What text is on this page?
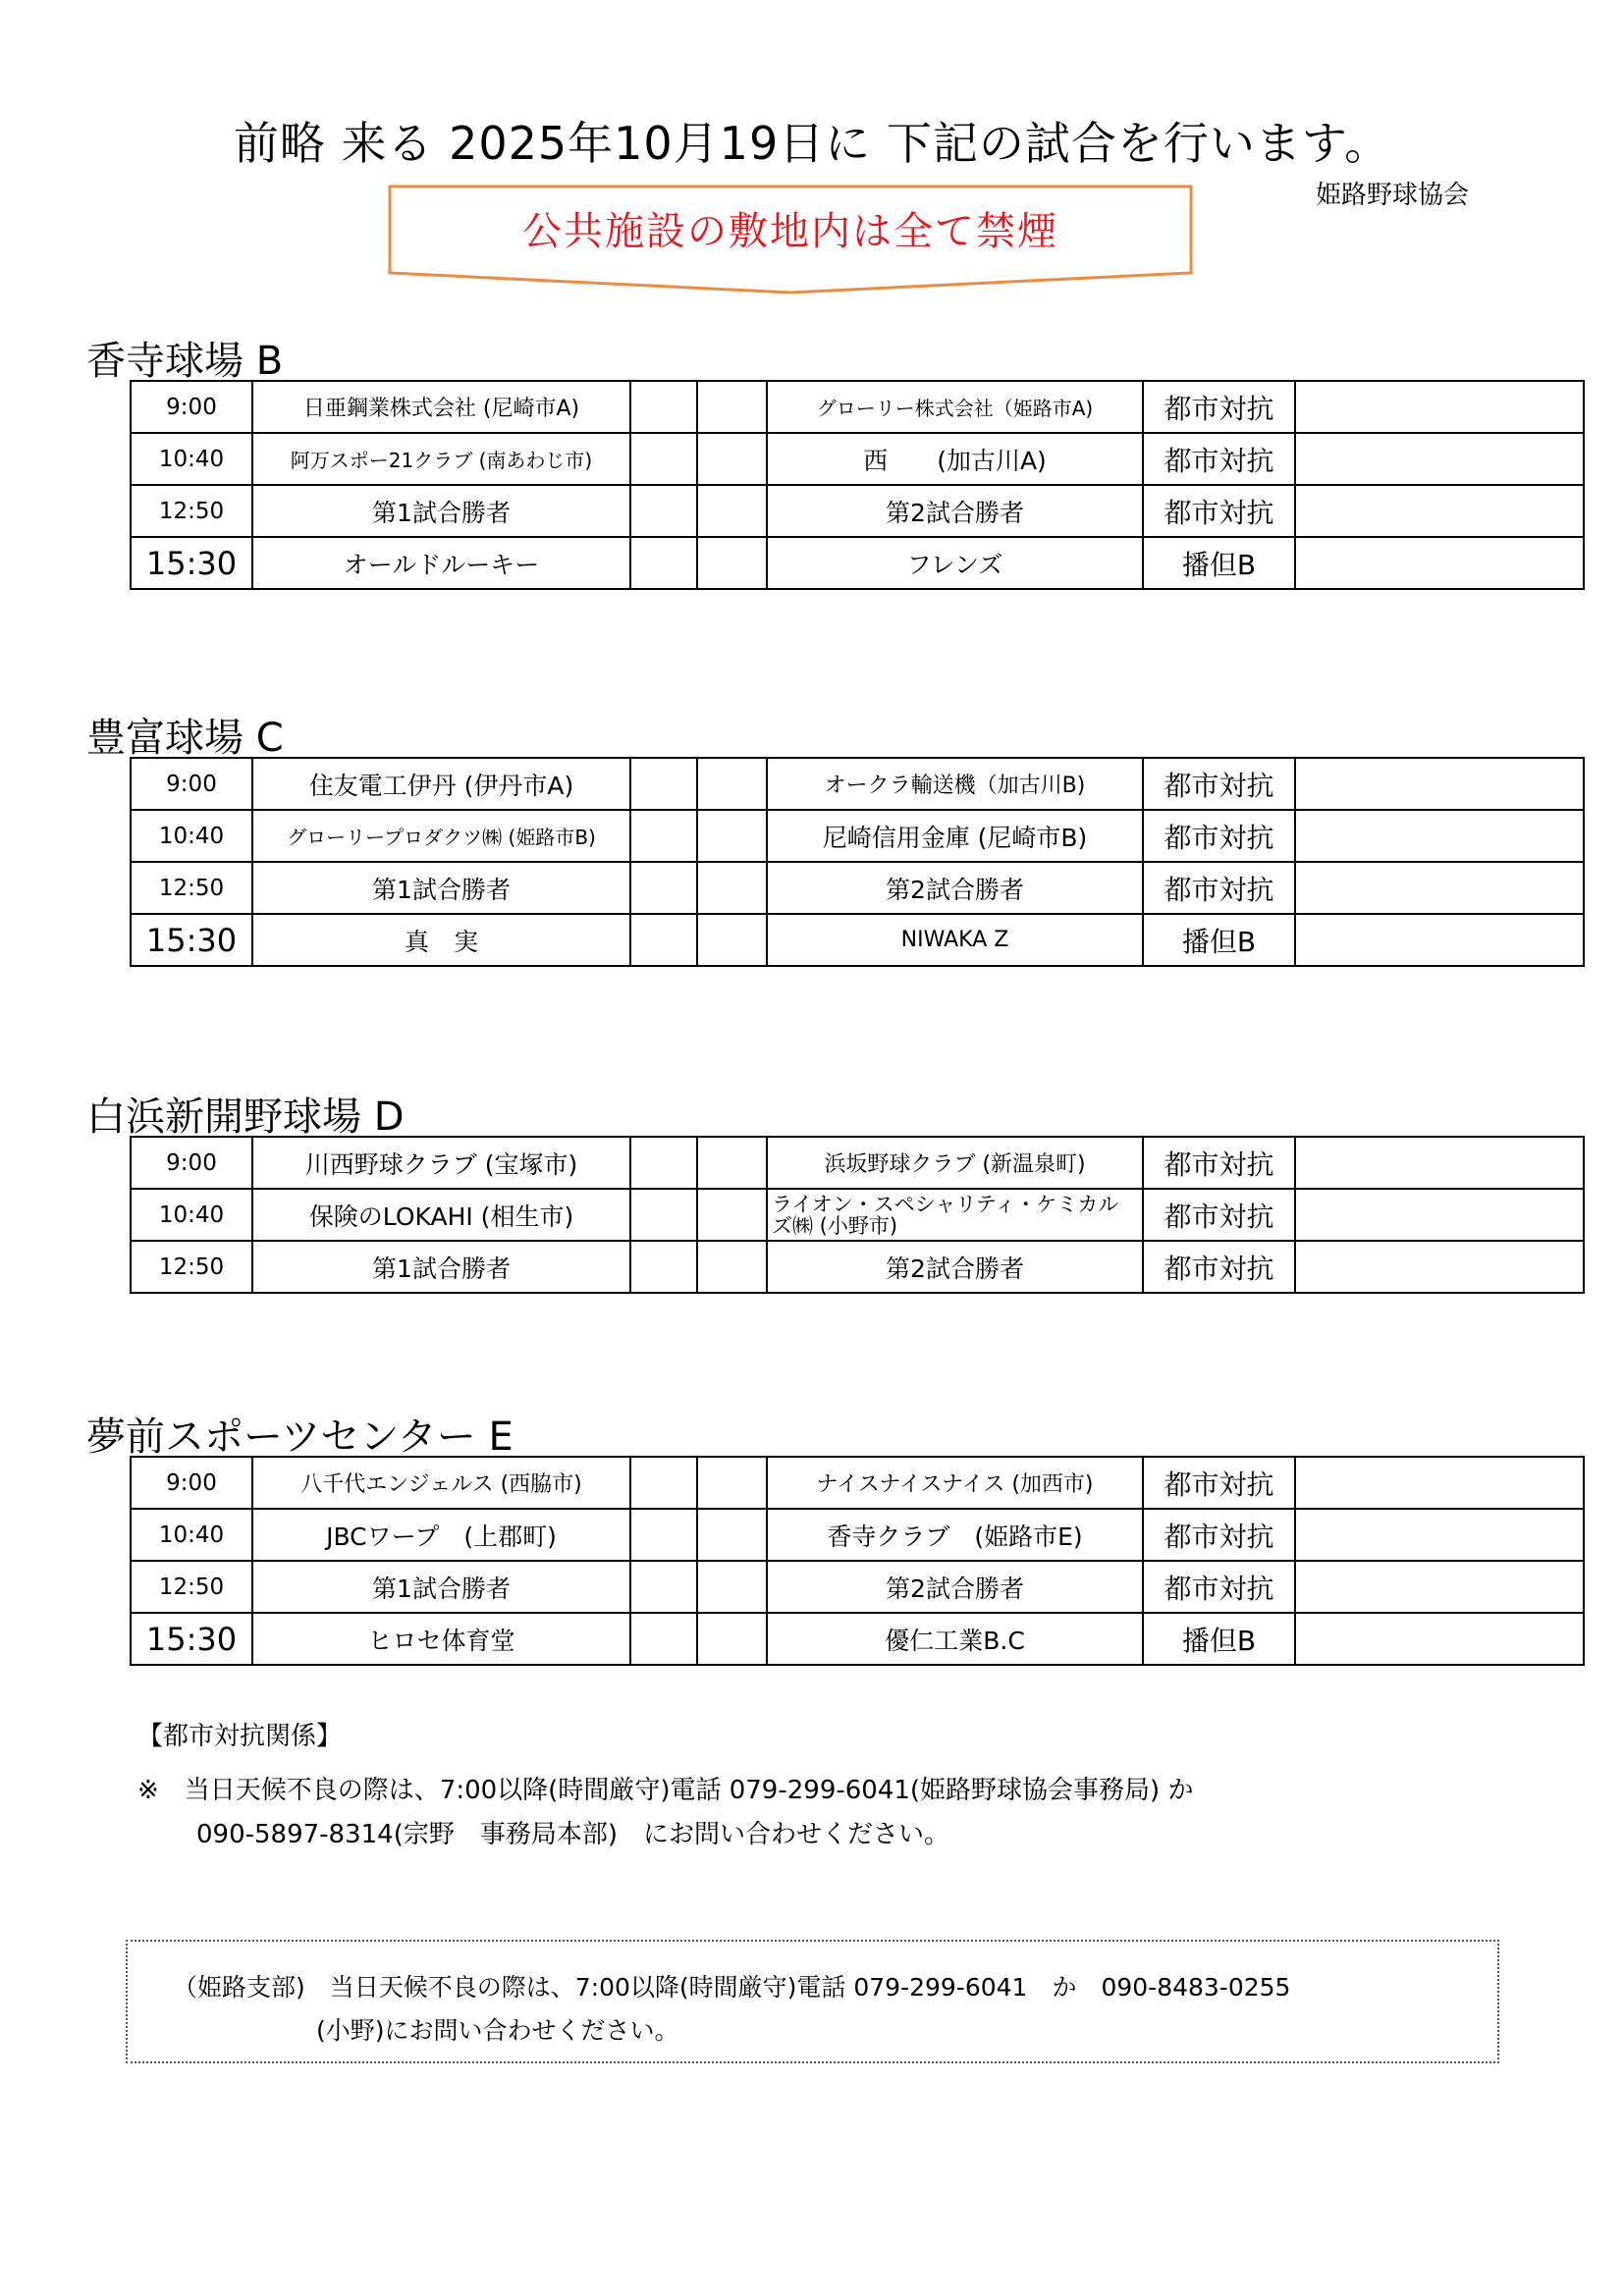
前略 来る 2025年10月19日に 下記の試合を行います。
姫路野球協会
公共施設の敷地内は全て禁煙
香寺球場 B
9:00	日亜鋼業株式会社 (尼崎市A)			グローリー株式会社（姫路市A)	都市対抗	
10:40	阿万スポー21クラブ (南あわじ市)			西　　(加古川A)	都市対抗	
12:50	第1試合勝者			第2試合勝者	都市対抗	
15:30	オールドルーキー			フレンズ	播但B	
豊富球場 C
9:00	住友電工伊丹 (伊丹市A)			オークラ輸送機（加古川B)	都市対抗	
10:40	グローリープロダクツ㈱ (姫路市B)			尼崎信用金庫 (尼崎市B)	都市対抗	
12:50	第1試合勝者			第2試合勝者	都市対抗	
15:30	真　実			NIWAKA Z	播但B	
白浜新開野球場 D
9:00	川西野球クラブ (宝塚市)			浜坂野球クラブ (新温泉町)	都市対抗	
10:40	保険のLOKAHI (相生市)			ライオン・スペシャリティ・ケミカルズ㈱ (小野市)	都市対抗	
12:50	第1試合勝者			第2試合勝者	都市対抗	
夢前スポーツセンター E
9:00	八千代エンジェルス (西脇市)			ナイスナイスナイス (加西市)	都市対抗	
10:40	JBCワープ　(上郡町)			香寺クラブ　(姫路市E)	都市対抗	
12:50	第1試合勝者			第2試合勝者	都市対抗	
15:30	ヒロセ体育堂			優仁工業B.C	播但B	
【都市対抗関係】
※　当日天候不良の際は、7:00以降(時間厳守)電話 079-299-6041(姫路野球協会事務局) か
090-5897-8314(宗野　事務局本部)　にお問い合わせください。
（姫路支部)　当日天候不良の際は、7:00以降(時間厳守)電話 079-299-6041　か　090-8483-0255
(小野)にお問い合わせください。
